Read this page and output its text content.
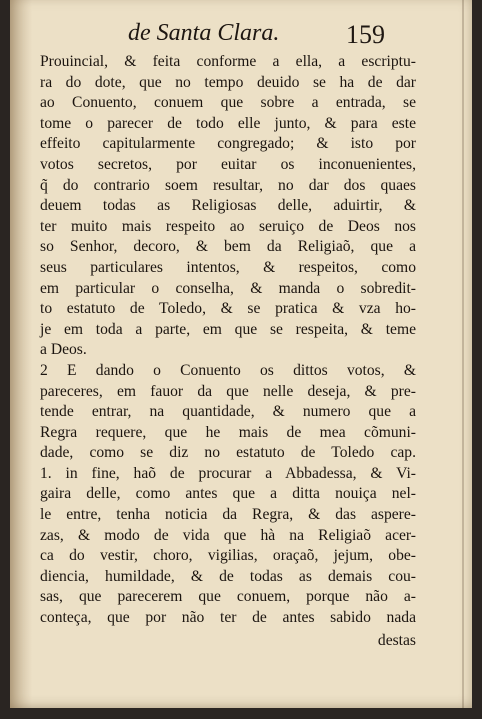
de Santa Clara.	159
Prouincial, & feita conforme a ella, a escriptu-
ra do dote, que no tempo deuido se ha de dar
ao Conuento, conuem que sobre a entrada, se
tome o parecer de todo elle junto, & para este
effeito capitularmente congregado; & isto por
votos secretos, por euitar os inconuenientes,
q̃ do contrario soem resultar, no dar dos quaes
deuem todas as Religiosas delle, aduirtir, &
ter muito mais respeito ao seruiço de Deos nos
so Senhor, decoro, & bem da Religiaõ, que a
seus particulares intentos, & respeitos, como
em particular o conselha, & manda o sobredit-
to estatuto de Toledo, & se pratica & vza ho-
je em toda a parte, em que se respeita, & teme
a Deos.
2 E dando o Conuento os dittos votos, &
pareceres, em fauor da que nelle deseja, & pre-
tende entrar, na quantidade, & numero que a
Regra requere, que he mais de mea cõmuni-
dade, como se diz no estatuto de Toledo cap.
1. in fine, haõ de procurar a Abbadessa, & Vi-
gaira delle, como antes que a ditta nouiça nel-
le entre, tenha noticia da Regra, & das aspere-
zas, & modo de vida que hà na Religiaõ acer-
ca do vestir, choro, vigilias, oraçaõ, jejum, obe-
diencia, humildade, & de todas as demais cou-
sas, que parecerem que conuem, porque não a-
conteça, que por não ter de antes sabido nada
destas
